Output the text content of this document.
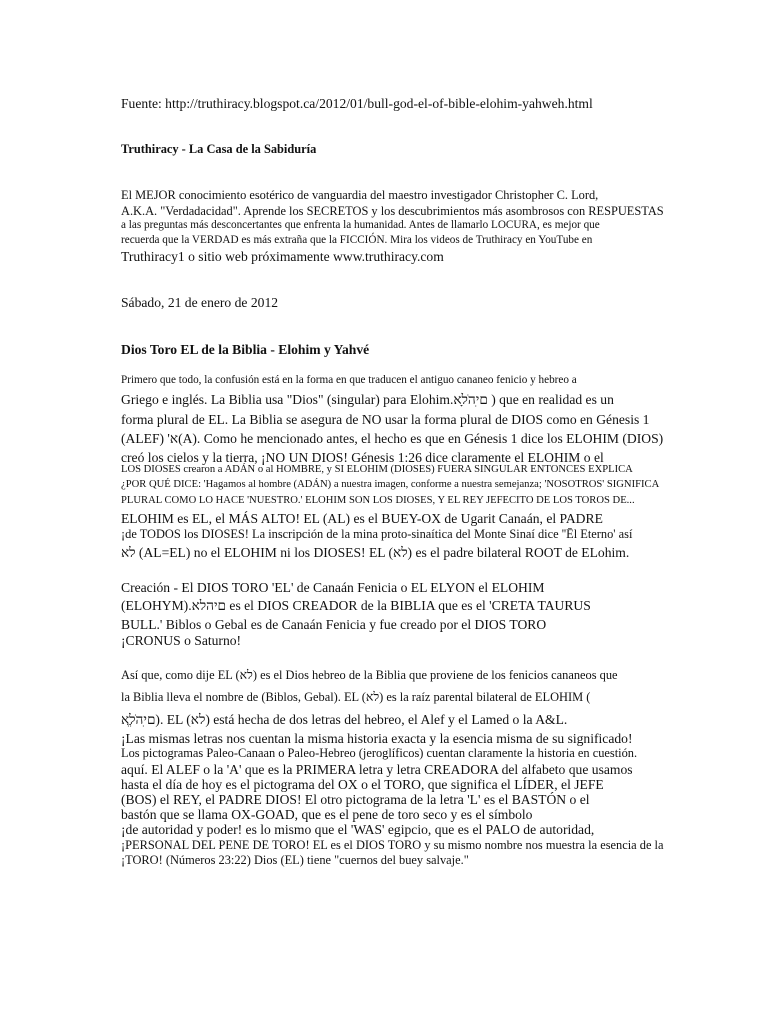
Fuente: http://truthiracy.blogspot.ca/2012/01/bull-god-el-of-bible-elohim-yahweh.html
Truthiracy - La Casa de la Sabiduría
El MEJOR conocimiento esotérico de vanguardia del maestro investigador Christopher C. Lord,
A.K.A. "Verdadacidad". Aprende los SECRETOS y los descubrimientos más asombrosos con RESPUESTAS
a las preguntas más desconcertantes que enfrenta la humanidad. Antes de llamarlo LOCURA, es mejor que
recuerda que la VERDAD es más extraña que la FICCIÓN. Mira los videos de Truthiracy en YouTube en
Truthiracy1 o sitio web próximamente www.truthiracy.com
Sábado, 21 de enero de 2012
Dios Toro EL de la Biblia - Elohim y Yahvé
Primero que todo, la confusión está en la forma en que traducen el antiguo cananeo fenicio y hebreo a
Griego e inglés. La Biblia usa "Dios" (singular) para Elohim.א‎ָ‎ל‎ֹ‎ה‎ִ‎י‎ם ‎) que en realidad es un
forma plural de EL. La Biblia se asegura de NO usar la forma plural de DIOS como en Génesis 1
(ALEF) 'א‎(A). Como he mencionado antes, el hecho es que en Génesis 1 dice los ELOHIM (DIOS)
creó los cielos y la tierra, ¡NO UN DIOS! Génesis 1:26 dice claramente el ELOHIM o el
LOS DIOSES crearon a ADÁN o al HOMBRE, y SI ELOHIM (DIOSES) FUERA SINGULAR ENTONCES EXPLICA
¿POR QUÉ DICE: 'Hagamos al hombre (ADÁN) a nuestra imagen, conforme a nuestra semejanza; 'NOSOTROS' SIGNIFICA
PLURAL COMO LO HACE 'NUESTRO.' ELOHIM SON LOS DIOSES, Y EL REY JEFECITO DE LOS TOROS DE...
ELOHIM es EL, el MÁS ALTO! EL (AL) es el BUEY-OX de Ugarit Canaán, el PADRE
¡de TODOS los DIOSES! La inscripción de la mina proto-sinaítica del Monte Sinaí dice ''Ēl Eterno' así
א‎ל‎ (AL=EL) no el ELOHIM ni los DIOSES! EL (א‎ל‎) es el padre bilateral ROOT de ELohim.
Creación - El DIOS TORO 'EL' de Canaán Fenicia o EL ELYON el ELOHIM
(ELOHYM).א‎ל‎ה‎י‎ם‎ es el DIOS CREADOR de la BIBLIA que es el 'CRETA TAURUS
BULL.' Biblos o Gebal es de Canaán Fenicia y fue creado por el DIOS TORO
¡CRONUS o Saturno!
Así que, como dije EL (א‎ל‎) es el Dios hebreo de la Biblia que proviene de los fenicios cananeos que
la Biblia lleva el nombre de (Biblos, Gebal). EL (א‎ל‎) es la raíz parental bilateral de ELOHIM (
א‎ֱ‎ל‎ֹ‎ה‎ִ‎י‎ם‎). EL (א‎ל‎) está hecha de dos letras del hebreo, el Alef y el Lamed o la A&L.
¡Las mismas letras nos cuentan la misma historia exacta y la esencia misma de su significado!
Los pictogramas Paleo-Canaan o Paleo-Hebreo (jeroglíficos) cuentan claramente la historia en cuestión.
aquí. El ALEF o la 'A' que es la PRIMERA letra y letra CREADORA del alfabeto que usamos
hasta el día de hoy es el pictograma del OX o el TORO, que significa el LÍDER, el JEFE
(BOS) el REY, el PADRE DIOS! El otro pictograma de la letra 'L' es el BASTÓN o el
bastón que se llama OX-GOAD, que es el pene de toro seco y es el símbolo
¡de autoridad y poder! es lo mismo que el 'WAS' egipcio, que es el PALO de autoridad,
¡PERSONAL DEL PENE DE TORO! EL es el DIOS TORO y su mismo nombre nos muestra la esencia de la
¡TORO! (Números 23:22) Dios (EL) tiene "cuernos del buey salvaje."
